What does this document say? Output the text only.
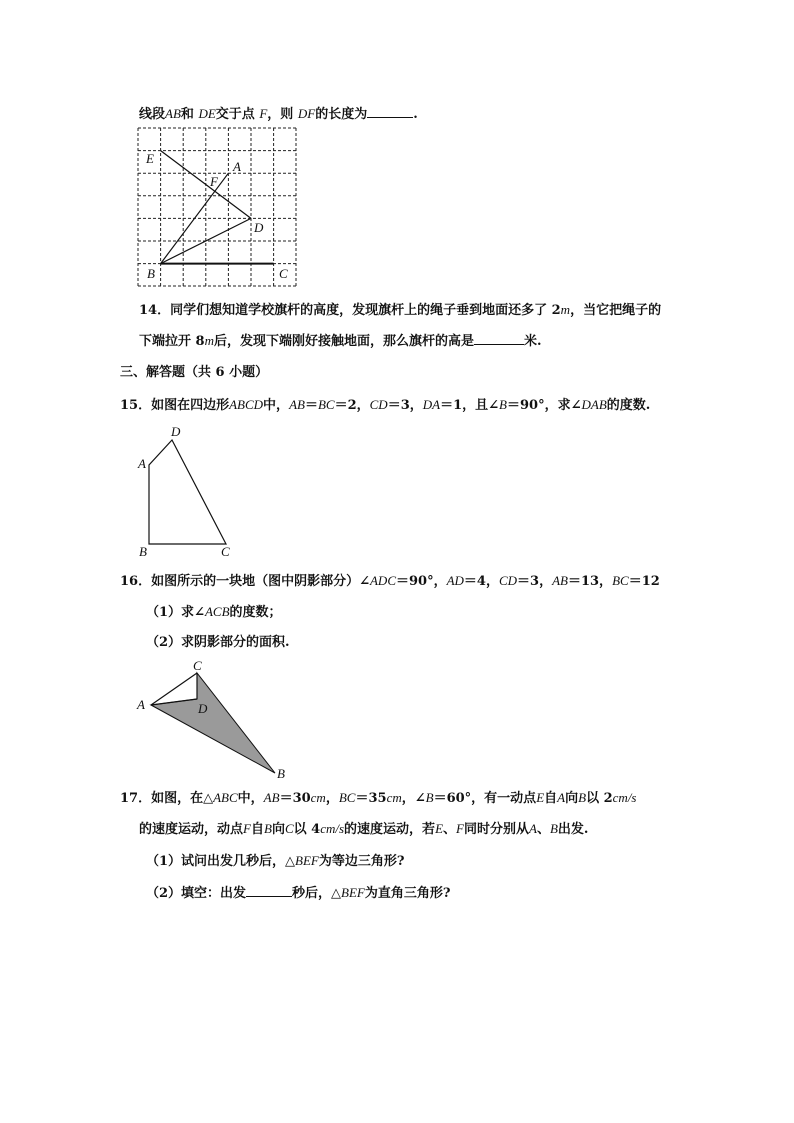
线段AB和 DE交于点 F，则 DF的长度为	.
E
A
F
D
B	C
14．同学们想知道学校旗杆的高度，发现旗杆上的绳子垂到地面还多了 2m，当它把绳子的
下端拉开 8m后，发现下端刚好接触地面，那么旗杆的高是	米.
三、解答题（共 6 小题）
15．如图在四边形ABCD中，AB＝BC＝2，CD＝3，DA＝1，且∠B＝90°，求∠DAB的度数.
D
A
B	C
16．如图所示的一块地（图中阴影部分）∠ADC＝90°，AD＝4，CD＝3，AB＝13，BC＝12
（1）求∠ACB的度数；
（2）求阴影部分的面积.
C
A	D
B
17．如图，在△ABC中，AB＝30cm，BC＝35cm，∠B＝60°，有一动点E自A向B以 2cm/s
的速度运动，动点F自B向C以 4cm/s的速度运动，若E、F同时分别从A、B出发.
（1）试问出发几秒后，△BEF为等边三角形?
（2）填空：出发	秒后，△BEF为直角三角形?
